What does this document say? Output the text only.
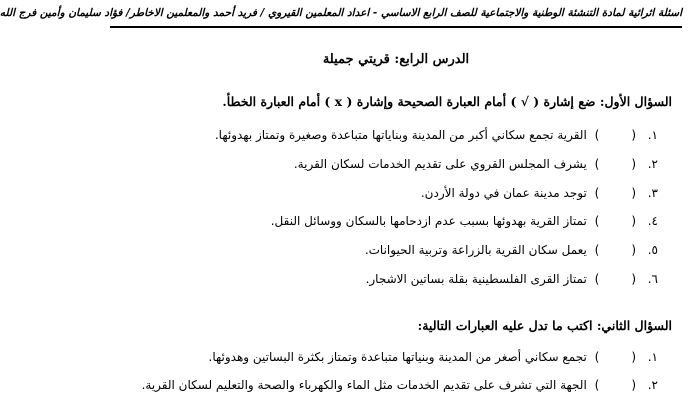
اسئلة اثرائية لمادة التنشئة الوطنية والاجتماعية للصف الرابع الاساسي - اعداد المعلمين القيروي / فريد أحمد والمعلمين الاخاطر/ فؤاد سليمان وأمين فرج الله
الدرس الرابع: قريتي جميلة
السؤال الأول: ضع إشارة ( √ ) أمام العبارة الصحيحة وإشارة ( x ) أمام العبارة الخطأ.
١.() القرية تجمع سكاني أكبر من المدينة وبناياتها متباعدة وصغيرة وتمتاز بهدوئها.
٢.() يشرف المجلس القروي على تقديم الخدمات لسكان القرية.
٣.() توجد مدينة عمان في دولة الأردن.
٤.() تمتاز القرية بهدوئها بسبب عدم ازدحامها بالسكان ووسائل النقل.
٥.() يعمل سكان القرية بالزراعة وتربية الحيوانات.
٦.() تمتاز القرى الفلسطينية بقلة بساتين الاشجار.
السؤال الثاني: اكتب ما تدل عليه العبارات التالية:
١.() تجمع سكاني أصغر من المدينة وبنياتها متباعدة وتمتاز بكثرة البساتين وهدوئها.
٢.() الجهة التي تشرف على تقديم الخدمات مثل الماء والكهرباء والصحة والتعليم لسكان القرية.
